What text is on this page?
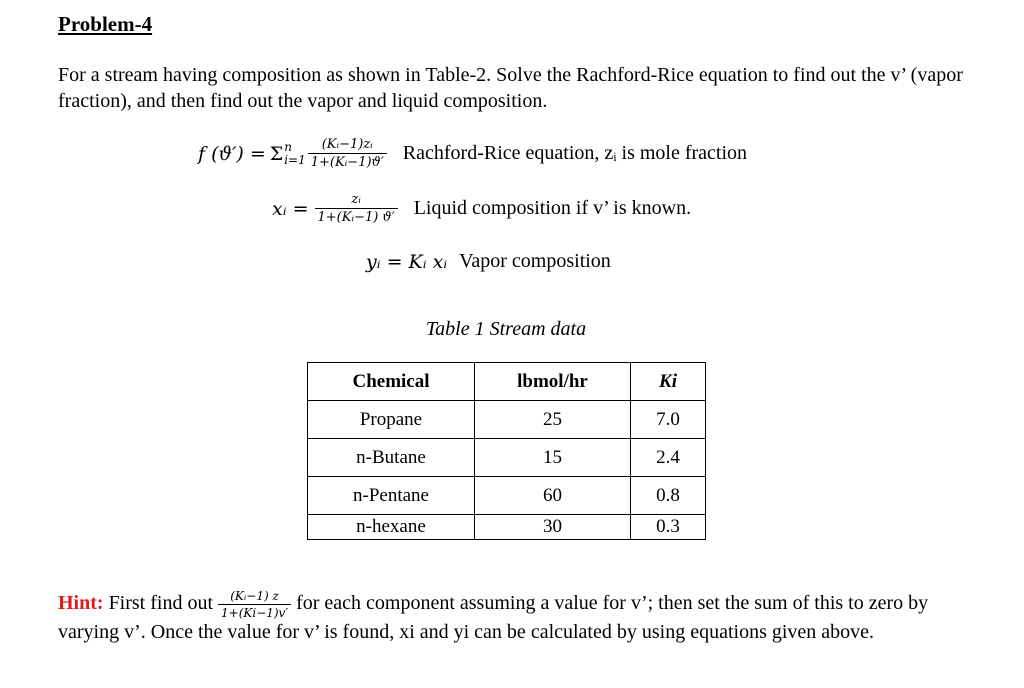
Problem-4

For a stream having composition as shown in Table-2. Solve the Rachford-Rice equation to find out the v’ (vapor fraction), and then find out the vapor and liquid composition.

f (ϑ′) = Σ n
$i=1 \frac{\text{(Kᵢ−1)zᵢ}}{\text{1+(Kᵢ−1)ϑ′}}$ Rachford-Rice equation, zᵢ is mole fraction
xᵢ = $\frac{\text{zᵢ}}{\text{1+(Kᵢ−1) ϑ′}}$ Liquid composition if v’ is known.
yᵢ = Kᵢ xᵢ Vapor composition
Table 1 Stream data
Chemical	lbmol/hr	Ki
Propane	25	7.0
n-Butane	15	2.4
n-Pentane	60	0.8
n-hexane	30	0.3

Hint: First find out $\frac{\text{(Kᵢ−1) z}}{1+(Ki-1)v'}$ for each component assuming a value for v’; then set the sum of this to zero by varying v’. Once the value for v’ is found, xi and yi can be calculated by using equations given above.
